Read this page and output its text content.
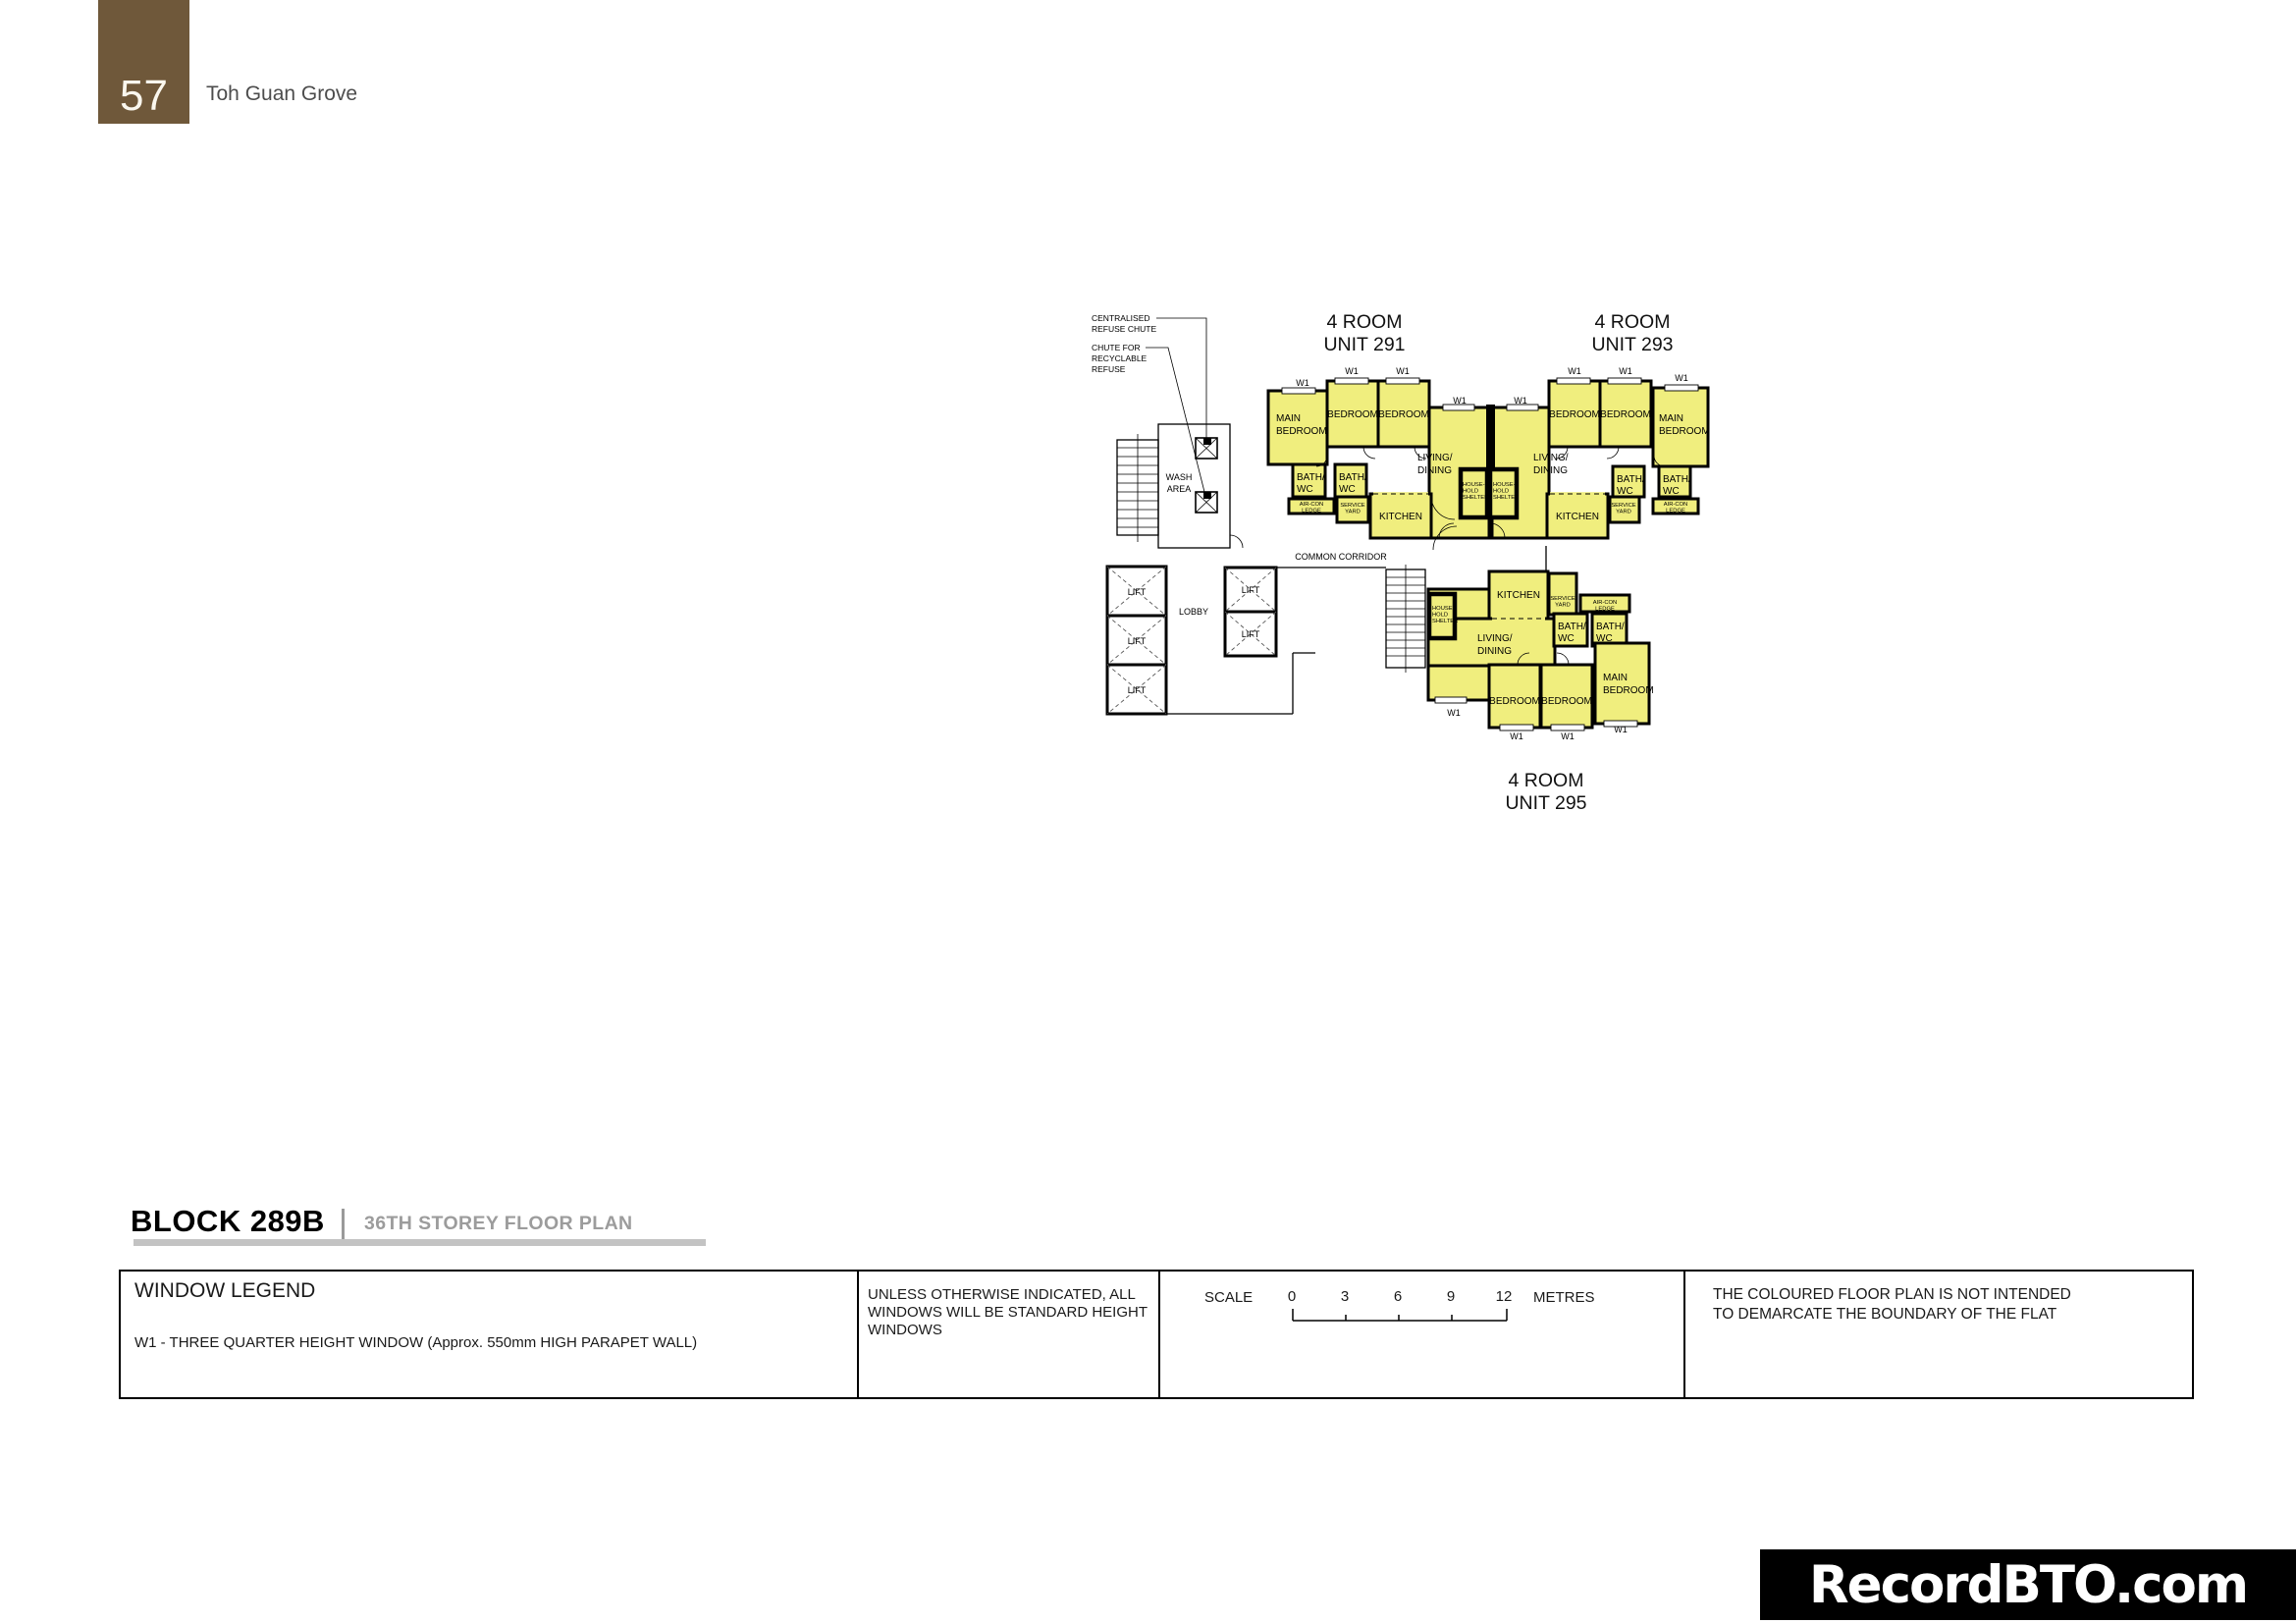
57 Toh Guan Grove
CENTRALISED
REFUSE CHUTE
CHUTE FOR
RECYCLABLE
REFUSE
4 ROOM
UNIT 291
4 ROOM
UNIT 293
4 ROOM
UNIT 295
MAIN
BEDROOM
BEDROOM BEDROOM
LIVING/
DINING
BATH/
WC
BATH/
WC
KITCHEN
AIR-CON
LEDGE
SERVICE
YARD
HOUSE-
HOLD
SHELTER
W1
W1	W1
W1
LIVING/
DINING
BEDROOM BEDROOM MAIN
BEDROOM
BATH/
WC
BATH/
WC
KITCHEN
SERVICE
YARD
AIR-CON
LEDGE
HOUSE-
HOLD
SHELTER
W1
W1	W1
W1
KITCHEN SERVICE
YARD	AIR-CON
LEDGE
BATH/
WC
BATH/
WC
HOUSE-
HOLD
SHELTER
LIVING/
DINING
BEDROOM BEDROOM
MAIN
BEDROOM
W1
W1	W1
W1
WASH
AREA
COMMON CORRIDOR
LOBBY
LIFT
LIFT
LIFT
LIFT
LIFT
BLOCK 289B 36TH STOREY FLOOR PLAN
WINDOW LEGEND
W1 - THREE QUARTER HEIGHT WINDOW (Approx. 550mm HIGH PARAPET WALL)
UNLESS OTHERWISE INDICATED, ALL
WINDOWS WILL BE STANDARD HEIGHT
WINDOWS
SCALE 0	3	6	9	12 METRES	THE COLOURED FLOOR PLAN IS NOT INTENDED
TO DEMARCATE THE BOUNDARY OF THE FLAT
RecordBTO.com
